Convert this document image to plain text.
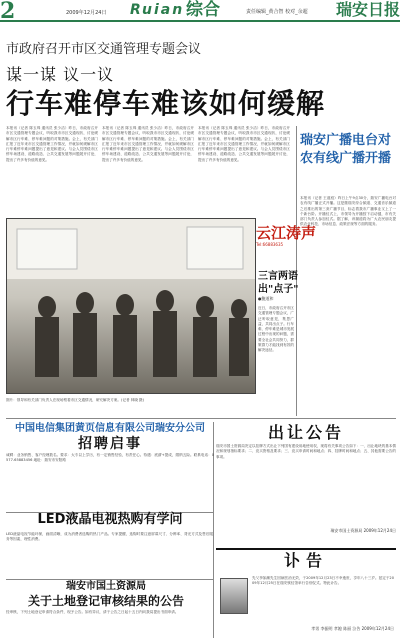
2	2009年12月24日 Ruian 综合	责任编辑_黄合智 校对_余超 瑞安日报
市政府召开市区交通管理专题会议
谋一谋 议一议
行车难停车难该如何缓解
本报讯（记者 陈玉珠 通讯员 张少洁）昨日，市政府召开市区交通管理专题会议，听取我市市区交通现状，讨论缓解市区行车难、停车难问题的对策措施。会上，有关部门汇报了近年来市区交通管理工作情况，并就如何缓解市区行车难停车难问题提出了意见和建议。与会人员围绕市区停车场建设、道路改造、公共交通发展等问题展开讨论，提出了许多有价值的意见。
本报讯（记者 陈玉珠 通讯员 张少洁）昨日，市政府召开市区交通管理专题会议，听取我市市区交通现状，讨论缓解市区行车难、停车难问题的对策措施。会上，有关部门汇报了近年来市区交通管理工作情况，并就如何缓解市区行车难停车难问题提出了意见和建议。与会人员围绕市区停车场建设、道路改造、公共交通发展等问题展开讨论，提出了许多有价值的意见。
本报讯（记者 陈玉珠 通讯员 张少洁）昨日，市政府召开市区交通管理专题会议，听取我市市区交通现状，讨论缓解市区行车难、停车难问题的对策措施。会上，有关部门汇报了近年来市区交通管理工作情况，并就如何缓解市区行车难停车难问题提出了意见和建议。与会人员围绕市区停车场建设、道路改造、公共交通发展等问题展开讨论，提出了许多有价值的意见。
瑞安广播电台对农有线广播开播
本报讯（记者 王道庭）昨日上午9点30分，瑞安广播电台对农有线广播正式开播。这是继瑞安综合频道、交通音乐频道之后推出的第三套广播节目，标志着我市广播事业又上了一个新台阶。开播仪式上，市领导为开播按下启动键，市有关部门负责人参加仪式。据了解，该频道将为广大农民朋友提供农业科技、市场信息、政策法规等方面的服务。
云江涛声
Tel:66883635
三言两语出"点子"
●鲍道和
近日，市政府召开市区交通管理专题会议，广泛听取意见，集思广益，共同出点子。行车难、停车难是城市发展过程中出现的问题，需要全社会共同努力，群策群力才能找到有效的解决途径。
图片：领导和有关部门负责人在现场察看市区交通情况，研究解决方案。(记者 林晓 摄)
中国电信集团黄页信息有限公司瑞安分公司
招聘启事
诚聘：业务销售、客户经理数名。要求：大专以上学历，有一定销售经验，有责任心。待遇：底薪+提成，缴纳五险。联系电话：0577-65883456 地址：瑞安市安阳路
LED液晶电视热购有学问
LED液晶电视节能环保，画面清晰，成为消费者选购的热门产品。专家提醒，选购时要注意屏幕尺寸、分辨率、背光方式及售后服务等因素，理性消费。
瑞安市国土资源局
关于土地登记审核结果的公告
经审核，下列土地登记申请符合条件，现予公告。如有异议，请于公告之日起十五日内向我局提出书面申请。
出让公告
瑞安市国土资源局决定以挂牌方式出让下列国有建设用地使用权，现将有关事项公告如下：一、出让地块的基本情况和规划指标要求；二、竞买资格及要求；三、竞买申请时间和地点；四、挂牌时间和地点；五、其他需要公告的事项。
瑞安市国土资源局 2009年12月24日
讣告
先父李如潮先生因病医治无效，于2009年12月23日不幸逝世，享年八十三岁。兹定于2009年12月25日在瑞安殡仪馆举行告别仪式。特此讣告。
孝男 李振明 孝媳 陈丽 泣告 2009年12月24日
